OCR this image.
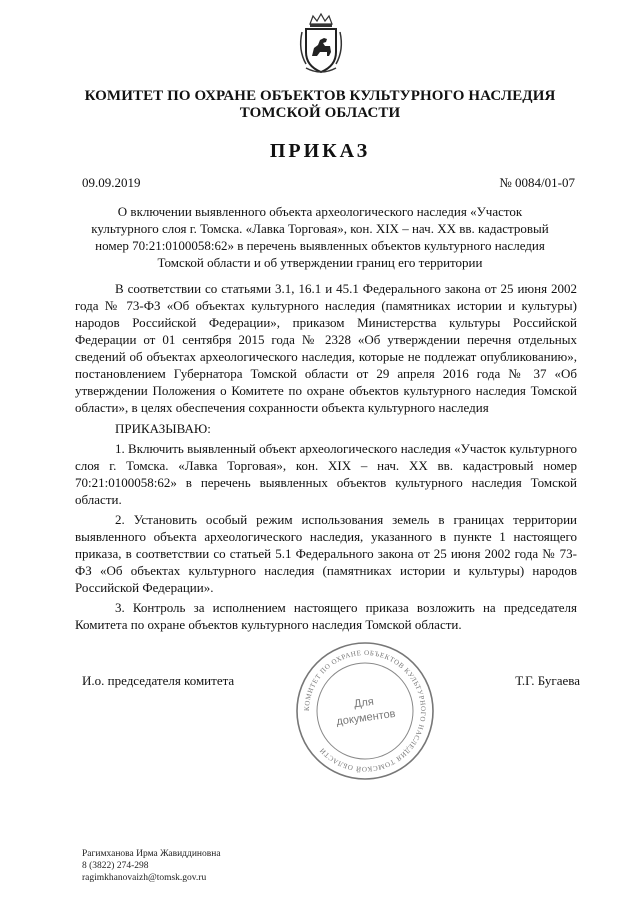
КОМИТЕТ ПО ОХРАНЕ ОБЪЕКТОВ КУЛЬТУРНОГО НАСЛЕДИЯ
ТОМСКОЙ ОБЛАСТИ
ПРИКАЗ
09.09.2019	№ 0084/01-07
О включении выявленного объекта археологического наследия «Участок
культурного слоя г. Томска. «Лавка Торговая», кон. XIX – нач. XX вв. кадастровый
номер 70:21:0100058:62» в перечень выявленных объектов культурного наследия
Томской области и об утверждении границ его территории

В соответствии со статьями 3.1, 16.1 и 45.1 Федерального закона от 25 июня 2002 года № 73-ФЗ «Об объектах культурного наследия (памятниках истории и культуры) народов Российской Федерации», приказом Министерства культуры Российской Федерации от 01 сентября 2015 года № 2328 «Об утверждении перечня отдельных сведений об объектах археологического наследия, которые не подлежат опубликованию», постановлением Губернатора Томской области от 29 апреля 2016 года № 37 «Об утверждении Положения о Комитете по охране объектов культурного наследия Томской области», в целях обеспечения сохранности объекта культурного наследия

ПРИКАЗЫВАЮ:

1. Включить выявленный объект археологического наследия «Участок культурного слоя г. Томска. «Лавка Торговая», кон. XIX – нач. XX вв. кадастровый номер 70:21:0100058:62» в перечень выявленных объектов культурного наследия Томской области.

2. Установить особый режим использования земель в границах территории выявленного объекта археологического наследия, указанного в пункте 1 настоящего приказа, в соответствии со статьей 5.1 Федерального закона от 25 июня 2002 года № 73-ФЗ «Об объектах культурного наследия (памятниках истории и культуры) народов Российской Федерации».

3. Контроль за исполнением настоящего приказа возложить на председателя Комитета по охране объектов культурного наследия Томской области.

И.о. председателя комитета	Т.Г. Бугаева
КОМИТЕТ ПО ОХРАНЕ ОБЪЕКТОВ КУЛЬТУРНОГО НАСЛЕДИЯ ТОМСКОЙ ОБЛАСТИ
Для
документов
Рагимханова Ирма Жавиддиновна
8 (3822) 274-298
ragimkhanovaizh@tomsk.gov.ru
